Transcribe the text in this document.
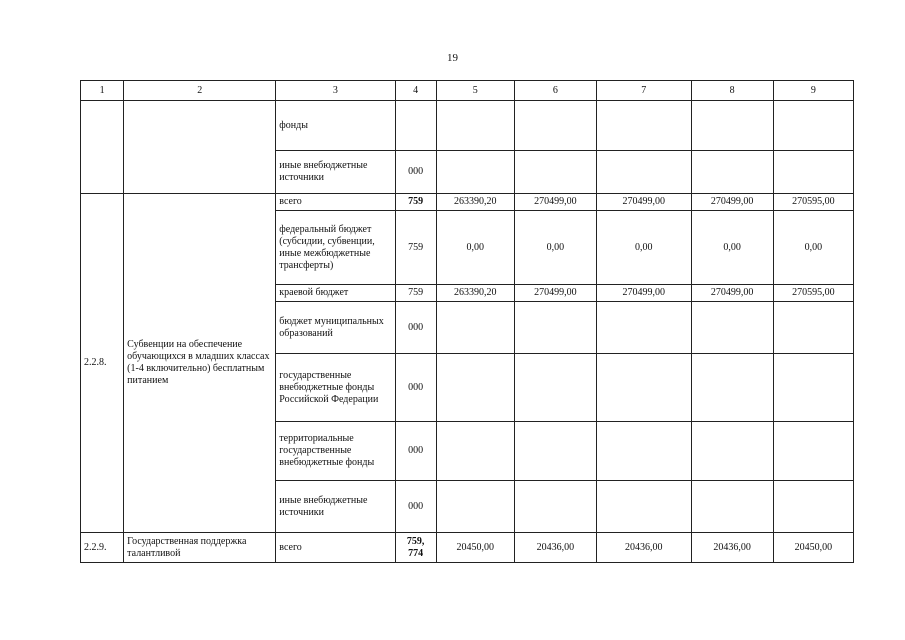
19
1	2	3	4	5	6	7	8	9
		фонды						
		иные внебюджетные источники	000					
2.2.8.	Субвенции на обеспечение обучающихся в младших классах (1-4 включительно) бесплатным питанием	всего	759	263390,20	270499,00	270499,00	270499,00	270595,00
		федеральный бюджет (субсидии, субвенции, иные межбюджетные трансферты)	759	0,00	0,00	0,00	0,00	0,00
		краевой бюджет	759	263390,20	270499,00	270499,00	270499,00	270595,00
		бюджет муниципальных образований	000					
		государственные внебюджетные фонды Российской Федерации	000					
		территориальные государственные внебюджетные фонды	000					
		иные внебюджетные источники	000					
2.2.9.	Государственная поддержка талантливой	всего	759, 774	20450,00	20436,00	20436,00	20436,00	20450,00
